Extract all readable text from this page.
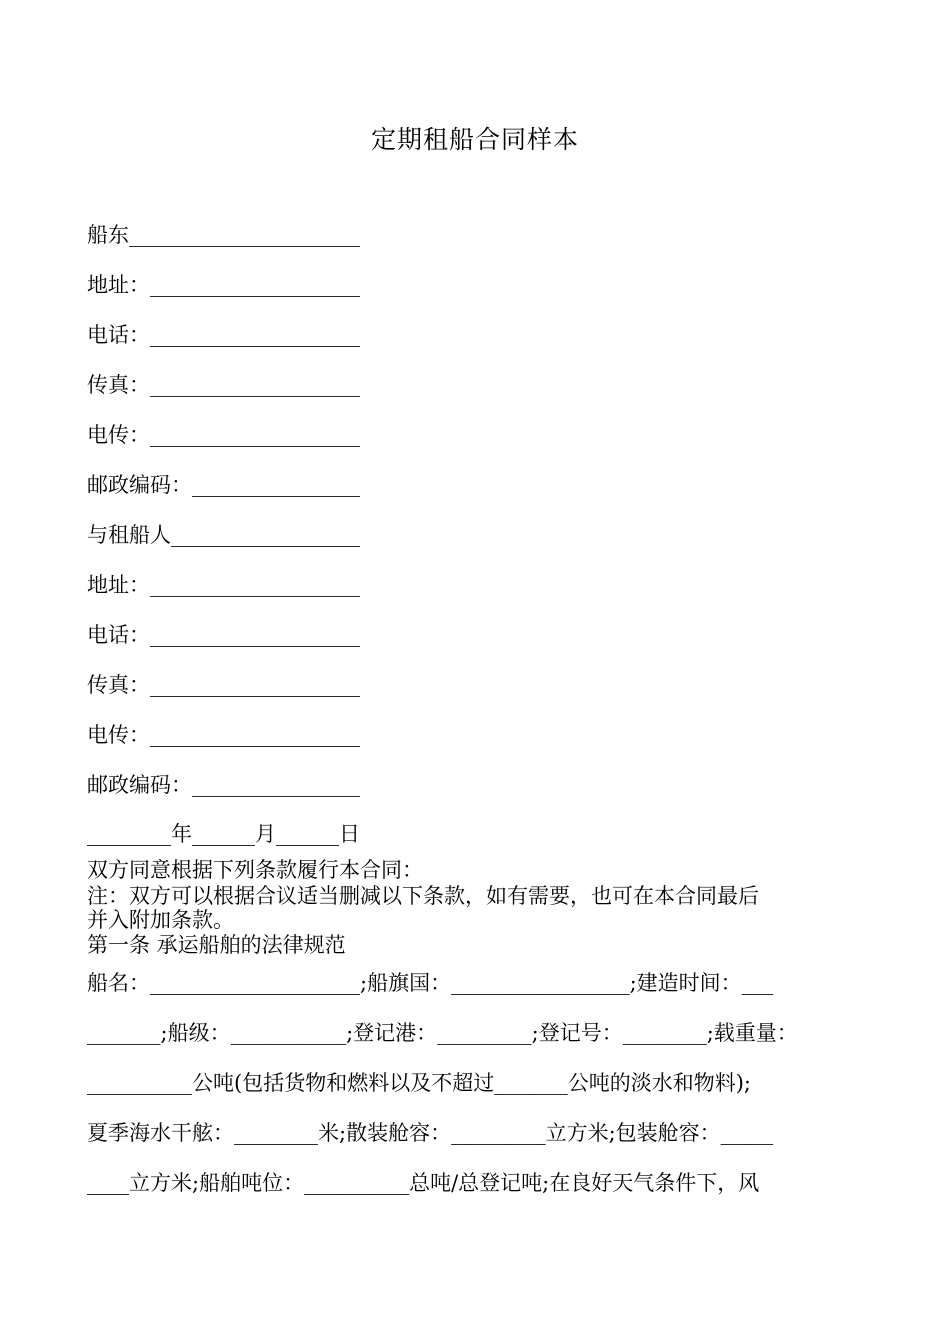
定期租船合同样本
船东______________________
地址：____________________
电话：____________________
传真：____________________
电传：____________________
邮政编码：________________
与租船人__________________
地址：____________________
电话：____________________
传真：____________________
电传：____________________
邮政编码：________________
________年______月______日
双方同意根据下列条款履行本合同：
注：双方可以根据合议适当删减以下条款，如有需要，也可在本合同最后
并入附加条款。
第一条 承运船舶的法律规范
船名：____________________;船旗国：_________________;建造时间：___
_______;船级：___________;登记港：_________;登记号：________;载重量：
__________公吨(包括货物和燃料以及不超过_______公吨的淡水和物料);
夏季海水干舷：________米;散装舱容：_________立方米;包装舱容：_____
____立方米;船舶吨位：__________总吨/总登记吨;在良好天气条件下，风
